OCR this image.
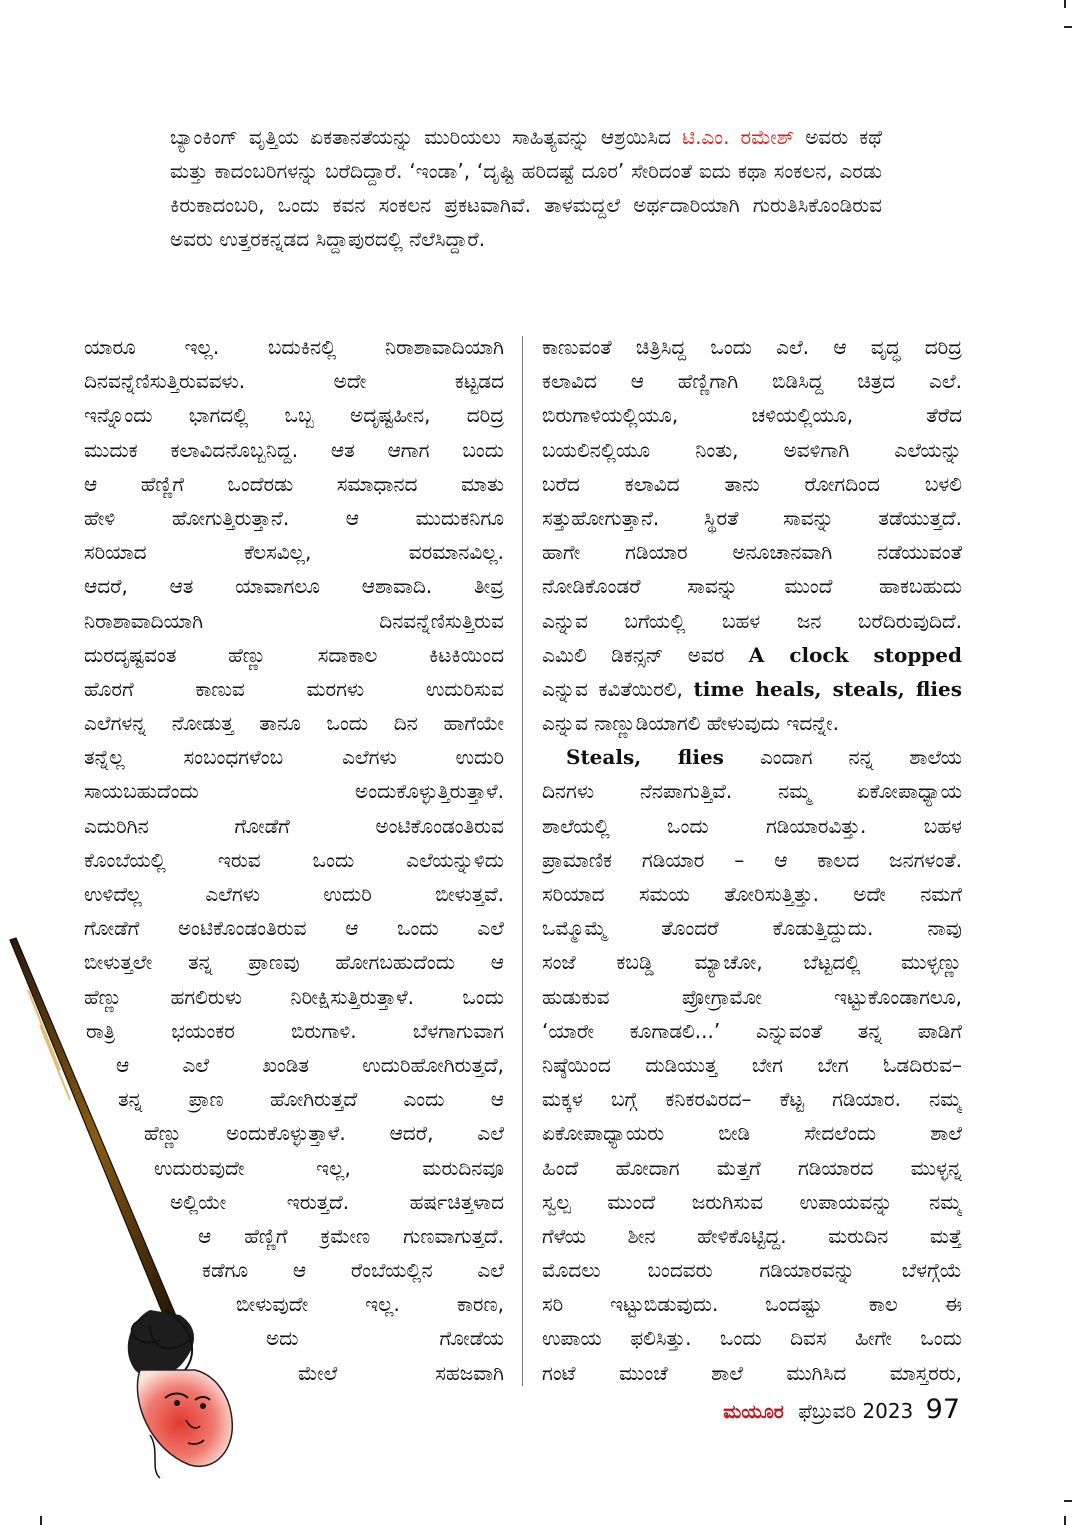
ಬ್ಯಾಂಕಿಂಗ್ ವೃತ್ತಿಯ ಏಕತಾನತೆಯನ್ನು ಮುರಿಯಲು ಸಾಹಿತ್ಯವನ್ನು ಆಶ್ರಯಿಸಿದ ಟಿ.ಎಂ. ರಮೇಶ್ ಅವರು ಕಥೆ ಮತ್ತು ಕಾದಂಬರಿಗಳನ್ನು ಬರೆದಿದ್ದಾರೆ. ‘ಇಂಡಾ’, ‘ದೃಷ್ಟಿ ಹರಿದಷ್ಟೆ ದೂರ’ ಸೇರಿದಂತೆ ಐದು ಕಥಾ ಸಂಕಲನ, ಎರಡು ಕಿರುಕಾದಂಬರಿ, ಒಂದು ಕವನ ಸಂಕಲನ ಪ್ರಕಟವಾಗಿವೆ. ತಾಳಮದ್ದಲೆ ಅರ್ಥದಾರಿಯಾಗಿ ಗುರುತಿಸಿಕೊಂಡಿರುವ ಅವರು ಉತ್ತರಕನ್ನಡದ ಸಿದ್ದಾಪುರದಲ್ಲಿ ನೆಲೆಸಿದ್ದಾರೆ.
ಯಾರೂ ಇಲ್ಲ. ಬದುಕಿನಲ್ಲಿ ನಿರಾಶಾವಾದಿಯಾಗಿ
ದಿನವನ್ನೆಣಿಸುತ್ತಿರುವವಳು. ಅದೇ ಕಟ್ಟಡದ
ಇನ್ನೊಂದು ಭಾಗದಲ್ಲಿ ಒಬ್ಬ ಅದೃಷ್ಟಹೀನ, ದರಿದ್ರ
ಮುದುಕ ಕಲಾವಿದನೊಬ್ಬನಿದ್ದ. ಆತ ಆಗಾಗ ಬಂದು
ಆ ಹೆಣ್ಣಿಗೆ ಒಂದೆರಡು ಸಮಾಧಾನದ ಮಾತು
ಹೇಳಿ ಹೋಗುತ್ತಿರುತ್ತಾನೆ. ಆ ಮುದುಕನಿಗೂ
ಸರಿಯಾದ ಕೆಲಸವಿಲ್ಲ, ವರಮಾನವಿಲ್ಲ.
ಆದರೆ, ಆತ ಯಾವಾಗಲೂ ಆಶಾವಾದಿ. ತೀವ್ರ
ನಿರಾಶಾವಾದಿಯಾಗಿ ದಿನವನ್ನೆಣಿಸುತ್ತಿರುವ
ದುರದೃಷ್ಟವಂತ ಹೆಣ್ಣು ಸದಾಕಾಲ ಕಿಟಕಿಯಿಂದ
ಹೊರಗೆ ಕಾಣುವ ಮರಗಳು ಉದುರಿಸುವ
ಎಲೆಗಳನ್ನ ನೋಡುತ್ತ ತಾನೂ ಒಂದು ದಿನ ಹಾಗೆಯೇ
ತನ್ನೆಲ್ಲ ಸಂಬಂಧಗಳೆಂಬ ಎಲೆಗಳು ಉದುರಿ
ಸಾಯಬಹುದೆಂದು ಅಂದುಕೊಳ್ಳುತ್ತಿರುತ್ತಾಳೆ.
ಎದುರಿಗಿನ ಗೋಡೆಗೆ ಅಂಟಿಕೊಂಡಂತಿರುವ
ಕೊಂಬೆಯಲ್ಲಿ ಇರುವ ಒಂದು ಎಲೆಯನ್ನುಳಿದು
ಉಳಿದೆಲ್ಲ ಎಲೆಗಳು ಉದುರಿ ಬೀಳುತ್ತವೆ.
ಗೋಡೆಗೆ ಅಂಟಿಕೊಂಡಂತಿರುವ ಆ ಒಂದು ಎಲೆ
ಬೀಳುತ್ತಲೇ ತನ್ನ ಪ್ರಾಣವು ಹೋಗಬಹುದೆಂದು ಆ
ಹೆಣ್ಣು ಹಗಲಿರುಳು ನಿರೀಕ್ಷಿಸುತ್ತಿರುತ್ತಾಳೆ. ಒಂದು
ರಾತ್ರಿ ಭಯಂಕರ ಬಿರುಗಾಳಿ. ಬೆಳಗಾಗುವಾಗ
ಆ ಎಲೆ ಖಂಡಿತ ಉದುರಿಹೋಗಿರುತ್ತದೆ,
ತನ್ನ ಪ್ರಾಣ ಹೋಗಿರುತ್ತದೆ ಎಂದು ಆ
ಹೆಣ್ಣು ಅಂದುಕೊಳ್ಳುತ್ತಾಳೆ. ಆದರೆ, ಎಲೆ
ಉದುರುವುದೇ ಇಲ್ಲ, ಮರುದಿನವೂ
ಅಲ್ಲಿಯೇ ಇರುತ್ತದೆ. ಹರ್ಷಚಿತ್ತಳಾದ
ಆ ಹೆಣ್ಣಿಗೆ ಕ್ರಮೇಣ ಗುಣವಾಗುತ್ತದೆ.
ಕಡೆಗೂ ಆ ರೆಂಬೆಯಲ್ಲಿನ ಎಲೆ
ಬೀಳುವುದೇ ಇಲ್ಲ. ಕಾರಣ,
ಅದು ಗೋಡೆಯ
ಮೇಲೆ ಸಹಜವಾಗಿ
ಕಾಣುವಂತೆ ಚಿತ್ರಿಸಿದ್ದ ಒಂದು ಎಲೆ. ಆ ವೃದ್ಧ ದರಿದ್ರ
ಕಲಾವಿದ ಆ ಹೆಣ್ಣಿಗಾಗಿ ಬಿಡಿಸಿದ್ದ ಚಿತ್ರದ ಎಲೆ.
ಬಿರುಗಾಳಿಯಲ್ಲಿಯೂ, ಚಳಿಯಲ್ಲಿಯೂ, ತೆರೆದ
ಬಯಲಿನಲ್ಲಿಯೂ ನಿಂತು, ಅವಳಿಗಾಗಿ ಎಲೆಯನ್ನು
ಬರೆದ ಕಲಾವಿದ ತಾನು ರೋಗದಿಂದ ಬಳಲಿ
ಸತ್ತುಹೋಗುತ್ತಾನೆ. ಸ್ಥಿರತೆ ಸಾವನ್ನು ತಡೆಯುತ್ತದೆ.
ಹಾಗೇ ಗಡಿಯಾರ ಅನೂಚಾನವಾಗಿ ನಡೆಯುವಂತೆ
ನೋಡಿಕೊಂಡರೆ ಸಾವನ್ನು ಮುಂದೆ ಹಾಕಬಹುದು
ಎನ್ನುವ ಬಗೆಯಲ್ಲಿ ಬಹಳ ಜನ ಬರೆದಿರುವುದಿದೆ.
ಎಮಿಲಿ ಡಿಕನ್ಸನ್ ಅವರ A clock stopped
ಎನ್ನುವ ಕವಿತೆಯಿರಲಿ, time heals, steals, flies
ಎನ್ನುವ ನಾಣ್ಣುಡಿಯಾಗಲಿ ಹೇಳುವುದು ಇದನ್ನೇ.
Steals, flies ಎಂದಾಗ ನನ್ನ ಶಾಲೆಯ
ದಿನಗಳು ನೆನಪಾಗುತ್ತಿವೆ. ನಮ್ಮ ಏಕೋಪಾಧ್ಯಾಯ
ಶಾಲೆಯಲ್ಲಿ ಒಂದು ಗಡಿಯಾರವಿತ್ತು. ಬಹಳ
ಪ್ರಾಮಾಣಿಕ ಗಡಿಯಾರ – ಆ ಕಾಲದ ಜನಗಳಂತೆ.
ಸರಿಯಾದ ಸಮಯ ತೋರಿಸುತ್ತಿತ್ತು. ಅದೇ ನಮಗೆ
ಒಮ್ಮೊಮ್ಮೆ ತೊಂದರೆ ಕೊಡುತ್ತಿದ್ದುದು. ನಾವು
ಸಂಜೆ ಕಬಡ್ಡಿ ಮ್ಯಾಚೋ, ಬೆಟ್ಟದಲ್ಲಿ ಮುಳ್ಳಣ್ಣು
ಹುಡುಕುವ ಪ್ರೋಗ್ರಾಮೋ ಇಟ್ಟುಕೊಂಡಾಗಲೂ,
‘ಯಾರೇ ಕೂಗಾಡಲಿ...’ ಎನ್ನುವಂತೆ ತನ್ನ ಪಾಡಿಗೆ
ನಿಷ್ಠೆಯಿಂದ ದುಡಿಯುತ್ತ ಬೇಗ ಬೇಗ ಓಡದಿರುವ–
ಮಕ್ಕಳ ಬಗ್ಗೆ ಕನಿಕರವಿರದ– ಕೆಟ್ಟ ಗಡಿಯಾರ. ನಮ್ಮ
ಏಕೋಪಾಧ್ಯಾಯರು ಬೀಡಿ ಸೇದಲೆಂದು ಶಾಲೆ
ಹಿಂದೆ ಹೋದಾಗ ಮೆತ್ತಗೆ ಗಡಿಯಾರದ ಮುಳ್ಳನ್ನ
ಸ್ವಲ್ಪ ಮುಂದೆ ಜರುಗಿಸುವ ಉಪಾಯವನ್ನು ನಮ್ಮ
ಗೆಳೆಯ ಶೀನ ಹೇಳಿಕೊಟ್ಟಿದ್ದ. ಮರುದಿನ ಮತ್ತೆ
ಮೊದಲು ಬಂದವರು ಗಡಿಯಾರವನ್ನು ಬೆಳಗ್ಗೆಯೆ
ಸರಿ ಇಟ್ಟುಬಿಡುವುದು. ಒಂದಷ್ಟು ಕಾಲ ಈ
ಉಪಾಯ ಫಲಿಸಿತ್ತು. ಒಂದು ದಿವಸ ಹೀಗೇ ಒಂದು
ಗಂಟೆ ಮುಂಚೆ ಶಾಲೆ ಮುಗಿಸಿದ ಮಾಸ್ತರರು,
ಮಯೂರ ಫೆಬ್ರುವರಿ 2023 97
